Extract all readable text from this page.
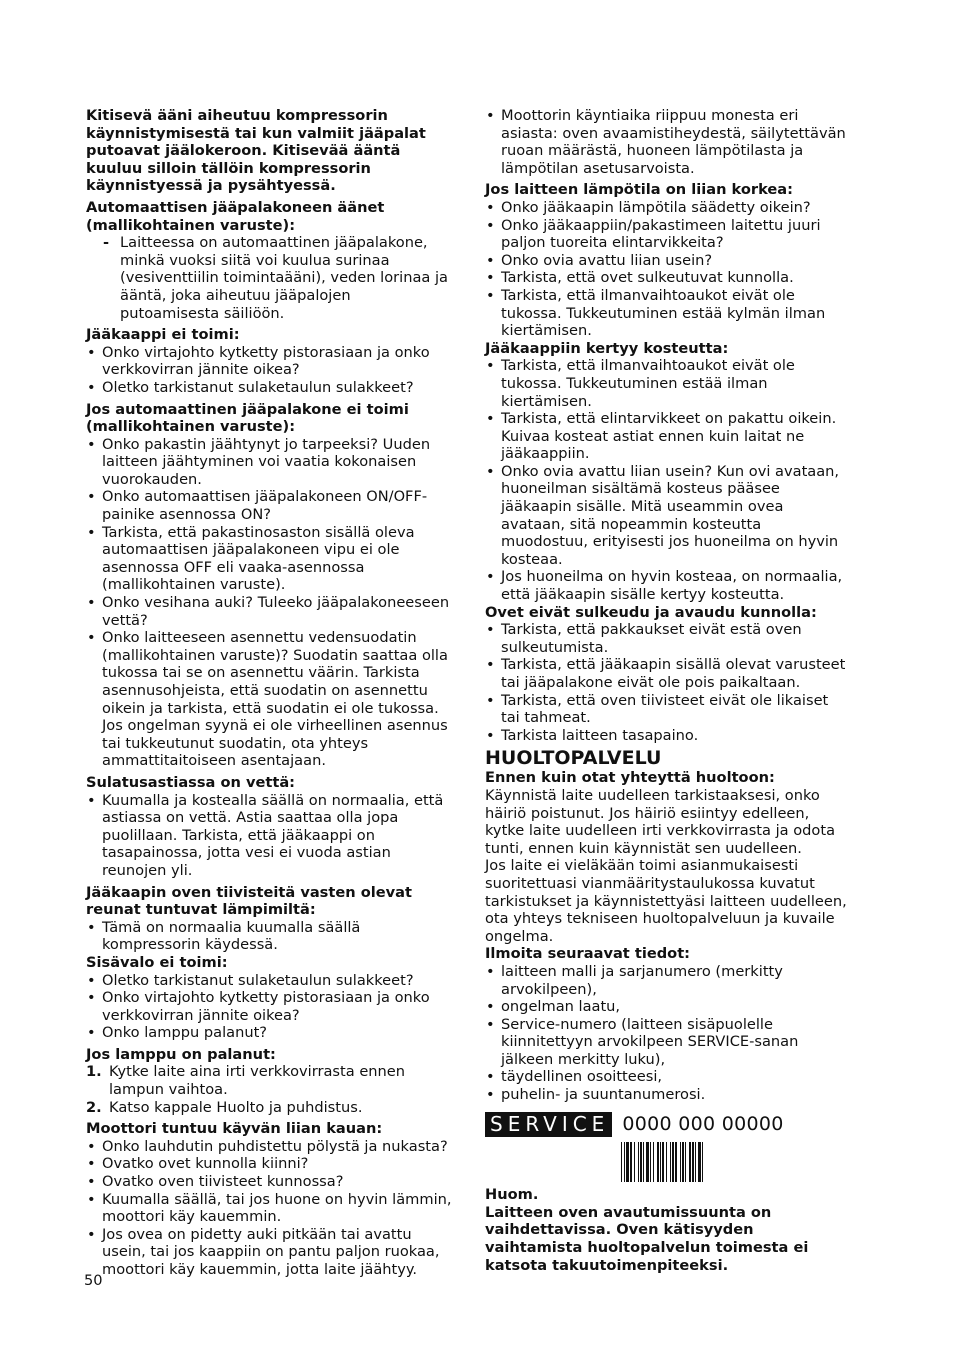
Kitisevä ääni aiheutuu kompressorin käynnistymisestä tai kun valmiit jääpalat putoavat jäälokeroon. Kitisevää ääntä kuuluu silloin tällöin kompressorin käynnistyessä ja pysähtyessä.

Automaattisen jääpalakoneen äänet (mallikohtainen varuste):

- Laitteessa on automaattinen jääpalakone, minkä vuoksi siitä voi kuulua surinaa (vesiventtiilin toimintaääni), veden lorinaa ja ääntä, joka aiheutuu jääpalojen putoamisesta säiliöön.

Jääkaappi ei toimi:

• Onko virtajohto kytketty pistorasiaan ja onko verkkovirran jännite oikea?
• Oletko tarkistanut sulaketaulun sulakkeet?

Jos automaattinen jääpalakone ei toimi (mallikohtainen varuste):

• Onko pakastin jäähtynyt jo tarpeeksi? Uuden laitteen jäähtyminen voi vaatia kokonaisen vuorokauden.
• Onko automaattisen jääpalakoneen ON/OFF-painike asennossa ON?
• Tarkista, että pakastinosaston sisällä oleva automaattisen jääpalakoneen vipu ei ole asennossa OFF eli vaaka-asennossa (mallikohtainen varuste).
• Onko vesihana auki? Tuleeko jääpalakoneeseen vettä?
• Onko laitteeseen asennettu vedensuodatin (mallikohtainen varuste)? Suodatin saattaa olla tukossa tai se on asennettu väärin. Tarkista asennusohjeista, että suodatin on asennettu oikein ja tarkista, että suodatin ei ole tukossa. Jos ongelman syynä ei ole virheellinen asennus tai tukkeutunut suodatin, ota yhteys ammattitaitoiseen asentajaan.

Sulatusastiassa on vettä:

• Kuumalla ja kostealla säällä on normaalia, että astiassa on vettä. Astia saattaa olla jopa puolillaan. Tarkista, että jääkaappi on tasapainossa, jotta vesi ei vuoda astian reunojen yli.

Jääkaapin oven tiivisteitä vasten olevat reunat tuntuvat lämpimiltä:

• Tämä on normaalia kuumalla säällä kompressorin käydessä.

Sisävalo ei toimi:

• Oletko tarkistanut sulaketaulun sulakkeet?
• Onko virtajohto kytketty pistorasiaan ja onko verkkovirran jännite oikea?
• Onko lamppu palanut?

Jos lamppu on palanut:

1. Kytke laite aina irti verkkovirrasta ennen lampun vaihtoa.
2. Katso kappale Huolto ja puhdistus.

Moottori tuntuu käyvän liian kauan:

• Onko lauhdutin puhdistettu pölystä ja nukasta?
• Ovatko ovet kunnolla kiinni?
• Ovatko oven tiivisteet kunnossa?
• Kuumalla säällä, tai jos huone on hyvin lämmin, moottori käy kauemmin.
• Jos ovea on pidetty auki pitkään tai avattu usein, tai jos kaappiin on pantu paljon ruokaa, moottori käy kauemmin, jotta laite jäähtyy.
• Moottorin käyntiaika riippuu monesta eri asiasta: oven avaamistiheydestä, säilytettävän ruoan määrästä, huoneen lämpötilasta ja lämpötilan asetusarvoista.

Jos laitteen lämpötila on liian korkea:

• Onko jääkaapin lämpötila säädetty oikein?
• Onko jääkaappiin/pakastimeen laitettu juuri paljon tuoreita elintarvikkeita?
• Onko ovia avattu liian usein?
• Tarkista, että ovet sulkeutuvat kunnolla.
• Tarkista, että ilmanvaihtoaukot eivät ole tukossa. Tukkeutuminen estää kylmän ilman kiertämisen.

Jääkaappiin kertyy kosteutta:

• Tarkista, että ilmanvaihtoaukot eivät ole tukossa. Tukkeutuminen estää ilman kiertämisen.
• Tarkista, että elintarvikkeet on pakattu oikein. Kuivaa kosteat astiat ennen kuin laitat ne jääkaappiin.
• Onko ovia avattu liian usein? Kun ovi avataan, huoneilman sisältämä kosteus pääsee jääkaapin sisälle. Mitä useammin ovea avataan, sitä nopeammin kosteutta muodostuu, erityisesti jos huoneilma on hyvin kosteaa.
• Jos huoneilma on hyvin kosteaa, on normaalia, että jääkaapin sisälle kertyy kosteutta.

Ovet eivät sulkeudu ja avaudu kunnolla:

• Tarkista, että pakkaukset eivät estä oven sulkeutumista.
• Tarkista, että jääkaapin sisällä olevat varusteet tai jääpalakone eivät ole pois paikaltaan.
• Tarkista, että oven tiivisteet eivät ole likaiset tai tahmeat.
• Tarkista laitteen tasapaino.
HUOLTOPALVELU

Ennen kuin otat yhteyttä huoltoon:

Käynnistä laite uudelleen tarkistaaksesi, onko häiriö poistunut. Jos häiriö esiintyy edelleen, kytke laite uudelleen irti verkkovirrasta ja odota tunti, ennen kuin käynnistät sen uudelleen.

Jos laite ei vieläkään toimi asianmukaisesti suoritettuasi vianmääritystaulukossa kuvatut tarkistukset ja käynnistettyäsi laitteen uudelleen, ota yhteys tekniseen huoltopalveluun ja kuvaile ongelma.

Ilmoita seuraavat tiedot:

• laitteen malli ja sarjanumero (merkitty arvokilpeen),
• ongelman laatu,
• Service-numero (laitteen sisäpuolelle kiinnitettyyn arvokilpeen SERVICE-sanan jälkeen merkitty luku),
• täydellinen osoitteesi,
• puhelin- ja suuntanumerosi.
SERVICE 0000 000 00000

Huom.

Laitteen oven avautumissuunta on vaihdettavissa. Oven kätisyyden vaihtamista huoltopalvelun toimesta ei katsota takuutoimenpiteeksi.

50
